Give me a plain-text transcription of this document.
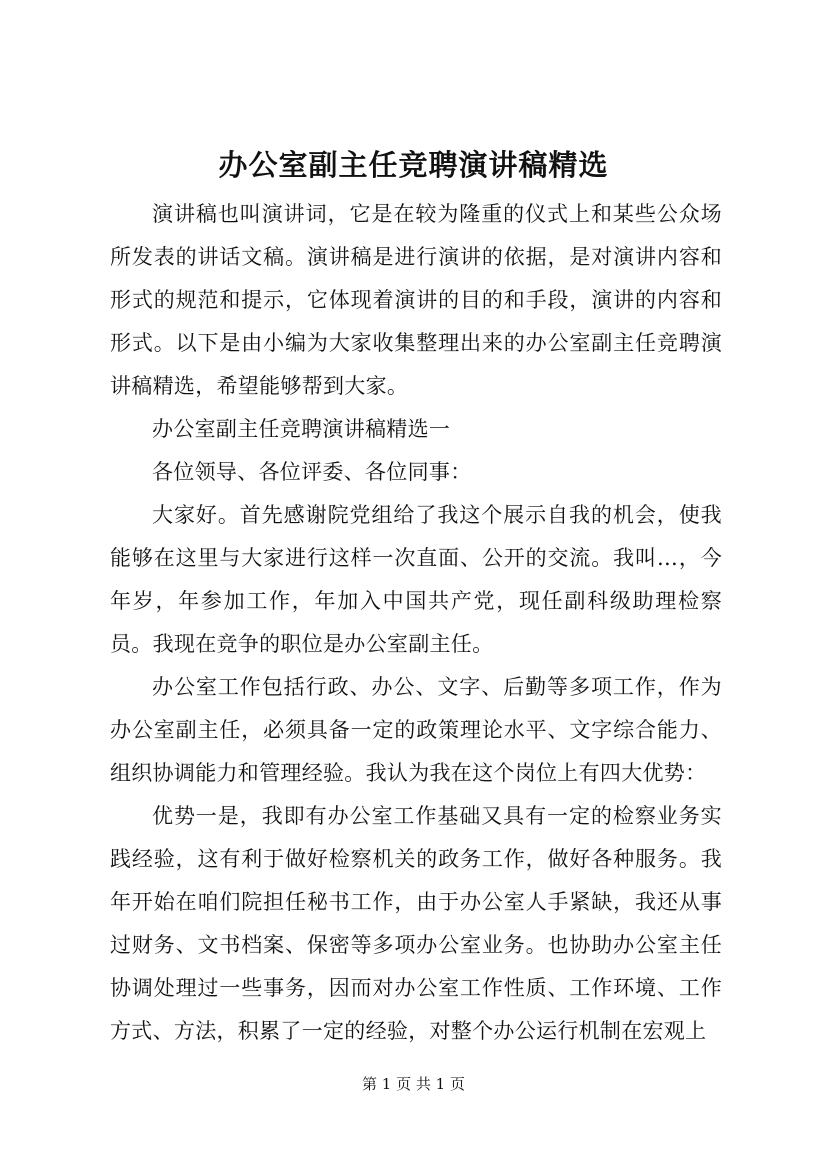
办公室副主任竞聘演讲稿精选

演讲稿也叫演讲词，它是在较为隆重的仪式上和某些公众场所发表的讲话文稿。演讲稿是进行演讲的依据，是对演讲内容和形式的规范和提示，它体现着演讲的目的和手段，演讲的内容和形式。以下是由小编为大家收集整理出来的办公室副主任竞聘演讲稿精选，希望能够帮到大家。

办公室副主任竞聘演讲稿精选一

各位领导、各位评委、各位同事：

大家好。首先感谢院党组给了我这个展示自我的机会，使我能够在这里与大家进行这样一次直面、公开的交流。我叫…，今年岁，年参加工作，年加入中国共产党，现任副科级助理检察员。我现在竞争的职位是办公室副主任。

办公室工作包括行政、办公、文字、后勤等多项工作，作为办公室副主任，必须具备一定的政策理论水平、文字综合能力、组织协调能力和管理经验。我认为我在这个岗位上有四大优势：

优势一是，我即有办公室工作基础又具有一定的检察业务实践经验，这有利于做好检察机关的政务工作，做好各种服务。我年开始在咱们院担任秘书工作，由于办公室人手紧缺，我还从事过财务、文书档案、保密等多项办公室业务。也协助办公室主任协调处理过一些事务，因而对办公室工作性质、工作环境、工作方式、方法，积累了一定的经验，对整个办公运行机制在宏观上

第 1 页 共 1 页
